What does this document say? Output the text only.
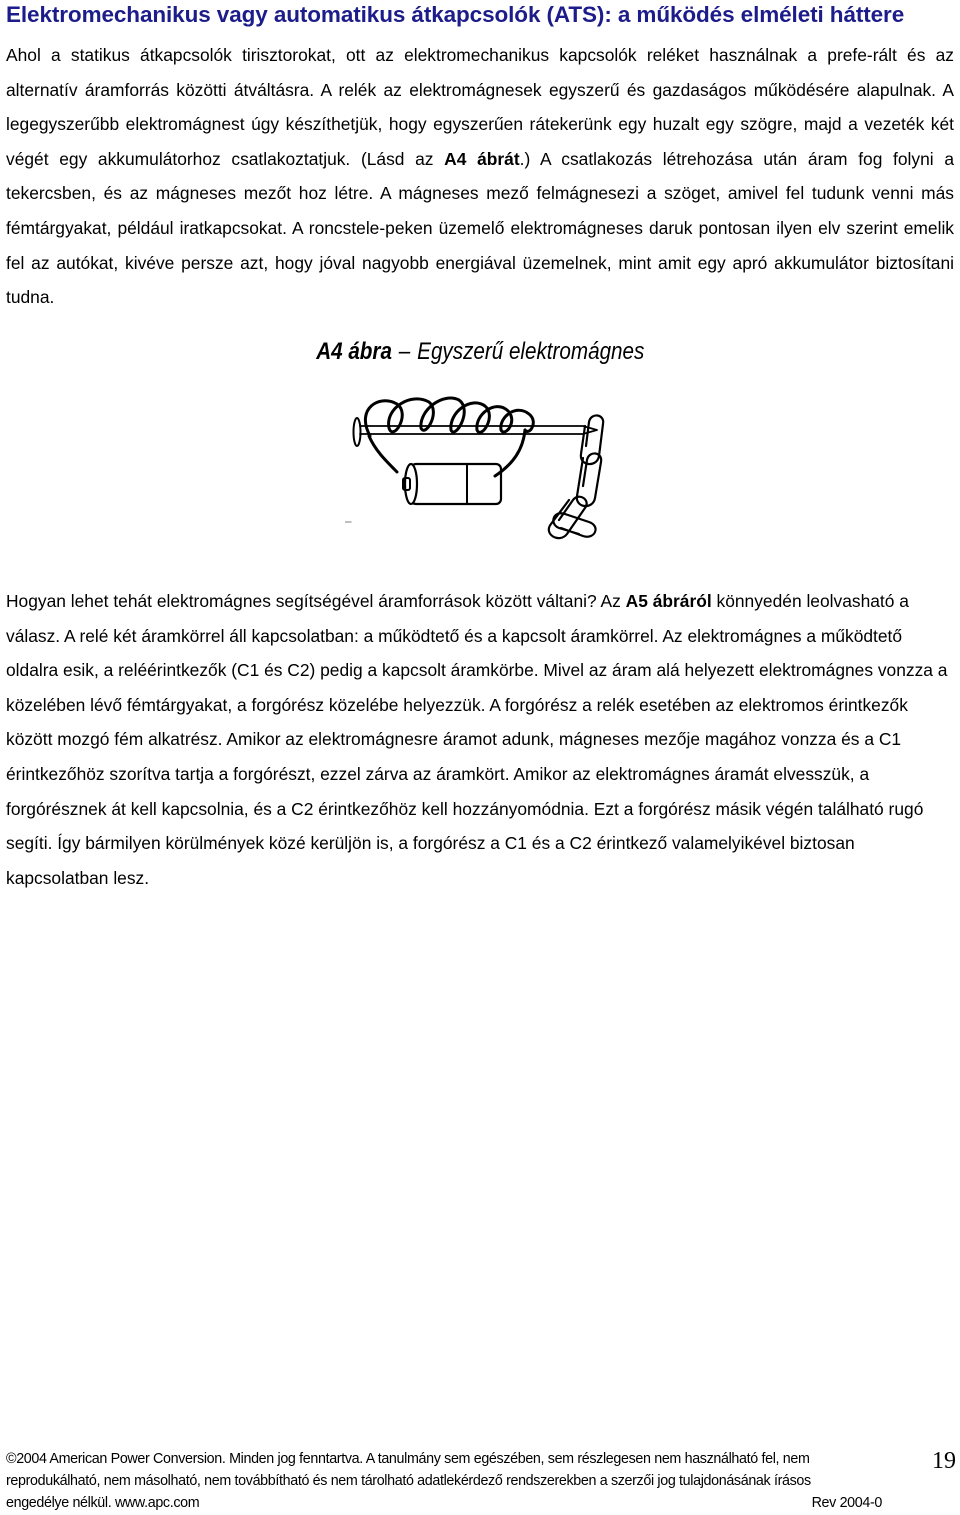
Elektromechanikus vagy automatikus átkapcsolók (ATS): a működés elméleti háttere

Ahol a statikus átkapcsolók tirisztorokat, ott az elektromechanikus kapcsolók reléket használnak a prefe-rált és az alternatív áramforrás közötti átváltásra. A relék az elektromágnesek egyszerű és gazdaságos működésére alapulnak. A legegyszerűbb elektromágnest úgy készíthetjük, hogy egyszerűen rátekerünk egy huzalt egy szögre, majd a vezeték két végét egy akkumulátorhoz csatlakoztatjuk. (Lásd az A4 ábrát.) A csatlakozás létrehozása után áram fog folyni a tekercsben, és az mágneses mezőt hoz létre. A mágneses mező felmágnesezi a szöget, amivel fel tudunk venni más fémtárgyakat, például iratkapcsokat. A roncstele-peken üzemelő elektromágneses daruk pontosan ilyen elv szerint emelik fel az autókat, kivéve persze azt, hogy jóval nagyobb energiával üzemelnek, mint amit egy apró akkumulátor biztosítani tudna.

A4 ábra – Egyszerű elektromágnes

Hogyan lehet tehát elektromágnes segítségével áramforrások között váltani? Az A5 ábráról könnyedén leolvasható a válasz. A relé két áramkörrel áll kapcsolatban: a működtető és a kapcsolt áramkörrel. Az elektromágnes a működtető oldalra esik, a reléérintkezők (C1 és C2) pedig a kapcsolt áramkörbe. Mivel az áram alá helyezett elektromágnes vonzza a közelében lévő fémtárgyakat, a forgórész közelébe helyezzük. A forgórész a relék esetében az elektromos érintkezők között mozgó fém alkatrész. Amikor az elektromágnesre áramot adunk, mágneses mezője magához vonzza és a C1 érintkezőhöz szorítva tartja a forgórészt, ezzel zárva az áramkört. Amikor az elektromágnes áramát elvesszük, a forgórésznek át kell kapcsolnia, és a C2 érintkezőhöz kell hozzányomódnia. Ezt a forgórész másik végén található rugó segíti. Így bármilyen körülmények közé kerüljön is, a forgórész a C1 és a C2 érintkező valamelyikével biztosan kapcsolatban lesz.

©2004 American Power Conversion. Minden jog fenntartva. A tanulmány sem egészében, sem részlegesen nem használható fel, nem
reprodukálható, nem másolható, nem továbbítható és nem tárolható adatlekérdező rendszerekben a szerzői jog tulajdonásának írásos
engedélye nélkül. www.apc.com	Rev 2004-0
19
